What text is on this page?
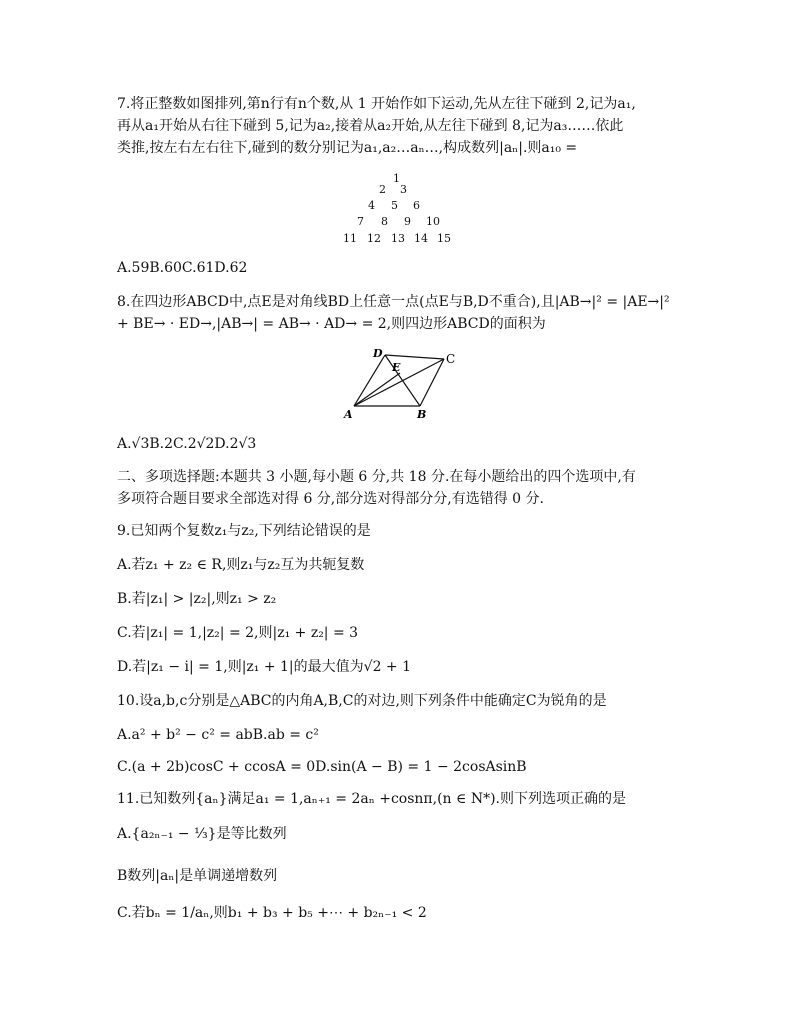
7.将正整数如图排列,第n行有n个数,从 1 开始作如下运动,先从左往下碰到 2,记为a₁,
再从a₁开始从右往下碰到 5,记为a₂,接着从a₂开始,从左往下碰到 8,记为a₃……依此
类推,按左右左右往下,碰到的数分别记为a₁,a₂…aₙ…,构成数列|aₙ|.则a₁₀ =
1
2 3
4 5 6
7 8 9 10
11 12 13 14 15
A.59B.60C.61D.62
8.在四边形ABCD中,点E是对角线BD上任意一点(点E与B,D不重合),且|AB→|² = |AE→|²
+ BE→ · ED→,|AB→| = AB→ · AD→ = 2,则四边形ABCD的面积为
D
E
C
A	B
A.√3B.2C.2√2D.2√3
二、多项选择题:本题共 3 小题,每小题 6 分,共 18 分.在每小题给出的四个选项中,有
多项符合题目要求全部选对得 6 分,部分选对得部分分,有选错得 0 分.
9.已知两个复数z₁与z₂,下列结论错误的是
A.若z₁ + z₂ ∈ R,则z₁与z₂互为共轭复数
B.若|z₁| > |z₂|,则z₁ > z₂
C.若|z₁| = 1,|z₂| = 2,则|z₁ + z₂| = 3
D.若|z₁ − i| = 1,则|z₁ + 1|的最大值为√2 + 1
10.设a,b,c分别是△ABC的内角A,B,C的对边,则下列条件中能确定C为锐角的是
A.a² + b² − c² = abB.ab = c²
C.(a + 2b)cosC + ccosA = 0D.sin(A − B) = 1 − 2cosAsinB
11.已知数列{aₙ}满足a₁ = 1,aₙ₊₁ = 2aₙ +cosnπ,(n ∈ N*).则下列选项正确的是
A.{a₂ₙ₋₁ − ⅓}是等比数列
B数列|aₙ|是单调递增数列
C.若bₙ = 1/aₙ,则b₁ + b₃ + b₅ +⋯ + b₂ₙ₋₁ < 2
